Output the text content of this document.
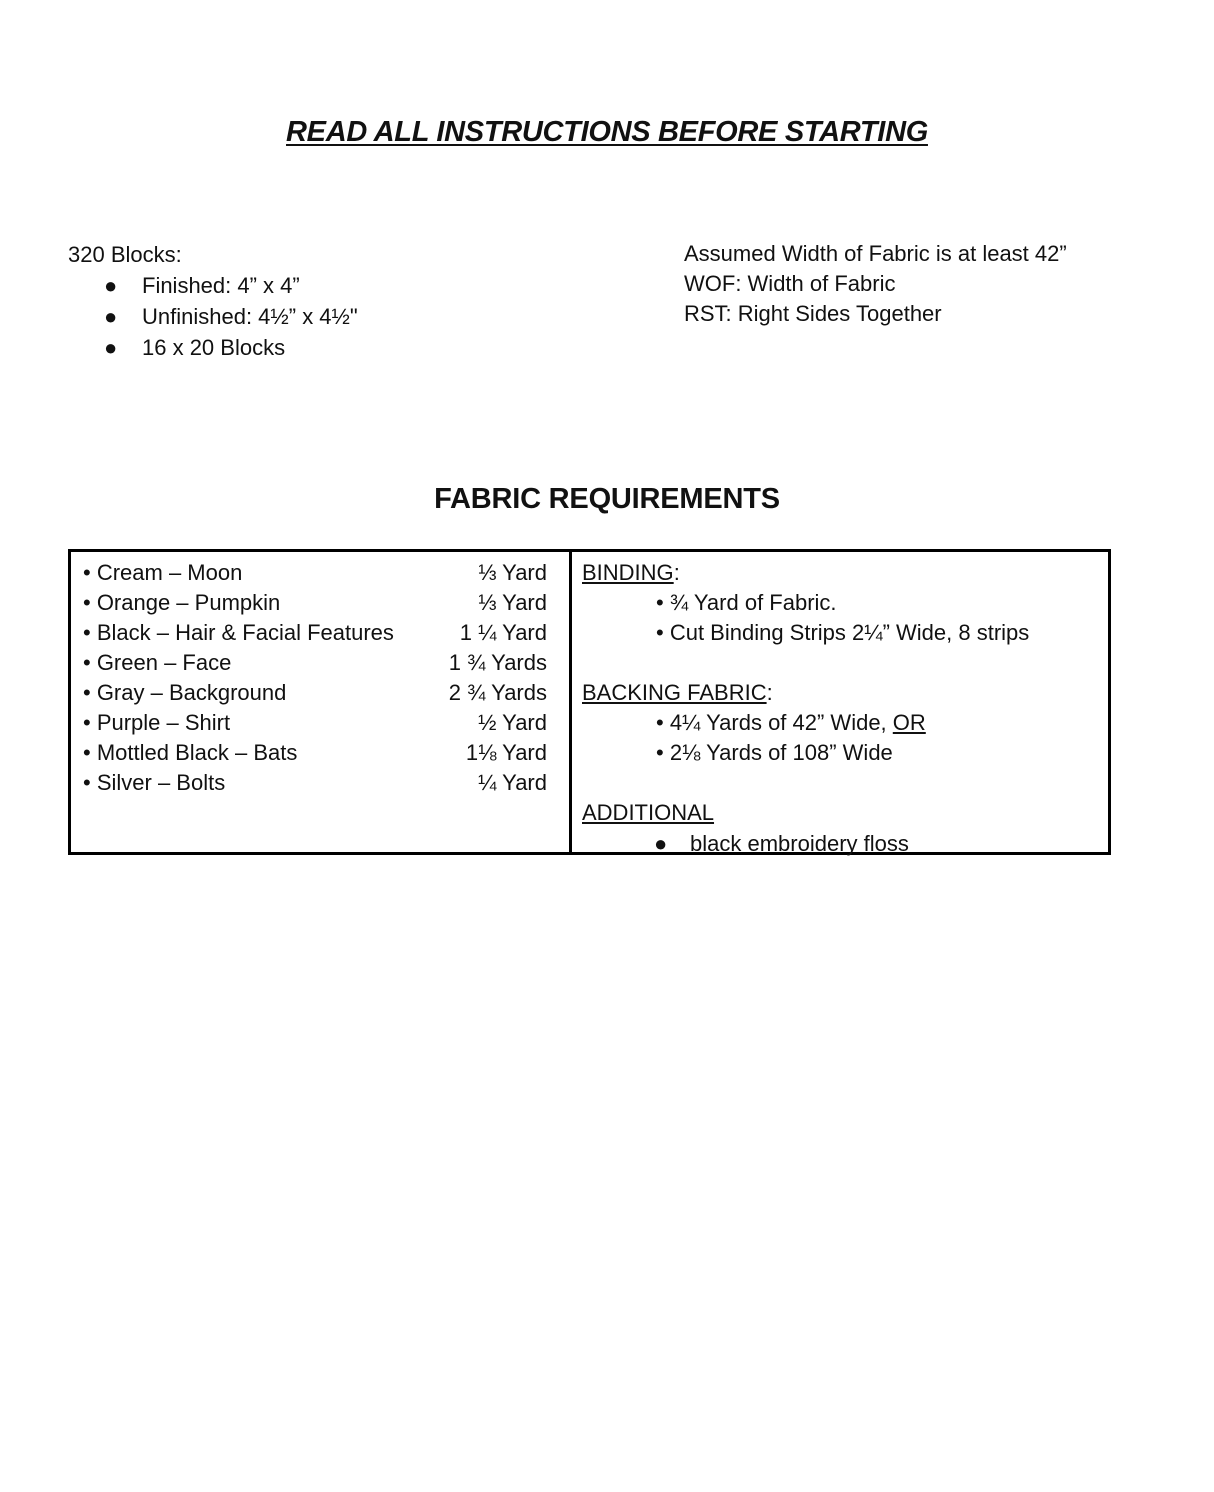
READ ALL INSTRUCTIONS BEFORE STARTING
320 Blocks:
● Finished: 4” x 4”
● Unfinished: 4½” x 4½"
● 16 x 20 Blocks
Assumed Width of Fabric is at least 42”
WOF: Width of Fabric
RST: Right Sides Together
FABRIC REQUIREMENTS
• Cream – Moon	⅓ Yard
• Orange – Pumpkin	⅓ Yard
• Black – Hair & Facial Features	1 ¼ Yard
• Green – Face	1 ¾ Yards
• Gray – Background	2 ¾ Yards
• Purple – Shirt	½ Yard
• Mottled Black – Bats	1⅛ Yard
• Silver – Bolts	¼ Yard
BINDING:
• ¾ Yard of Fabric.
• Cut Binding Strips 2¼” Wide, 8 strips
BACKING FABRIC:
• 4¼ Yards of 42” Wide, OR
• 2⅛ Yards of 108” Wide
ADDITIONAL
● black embroidery floss
